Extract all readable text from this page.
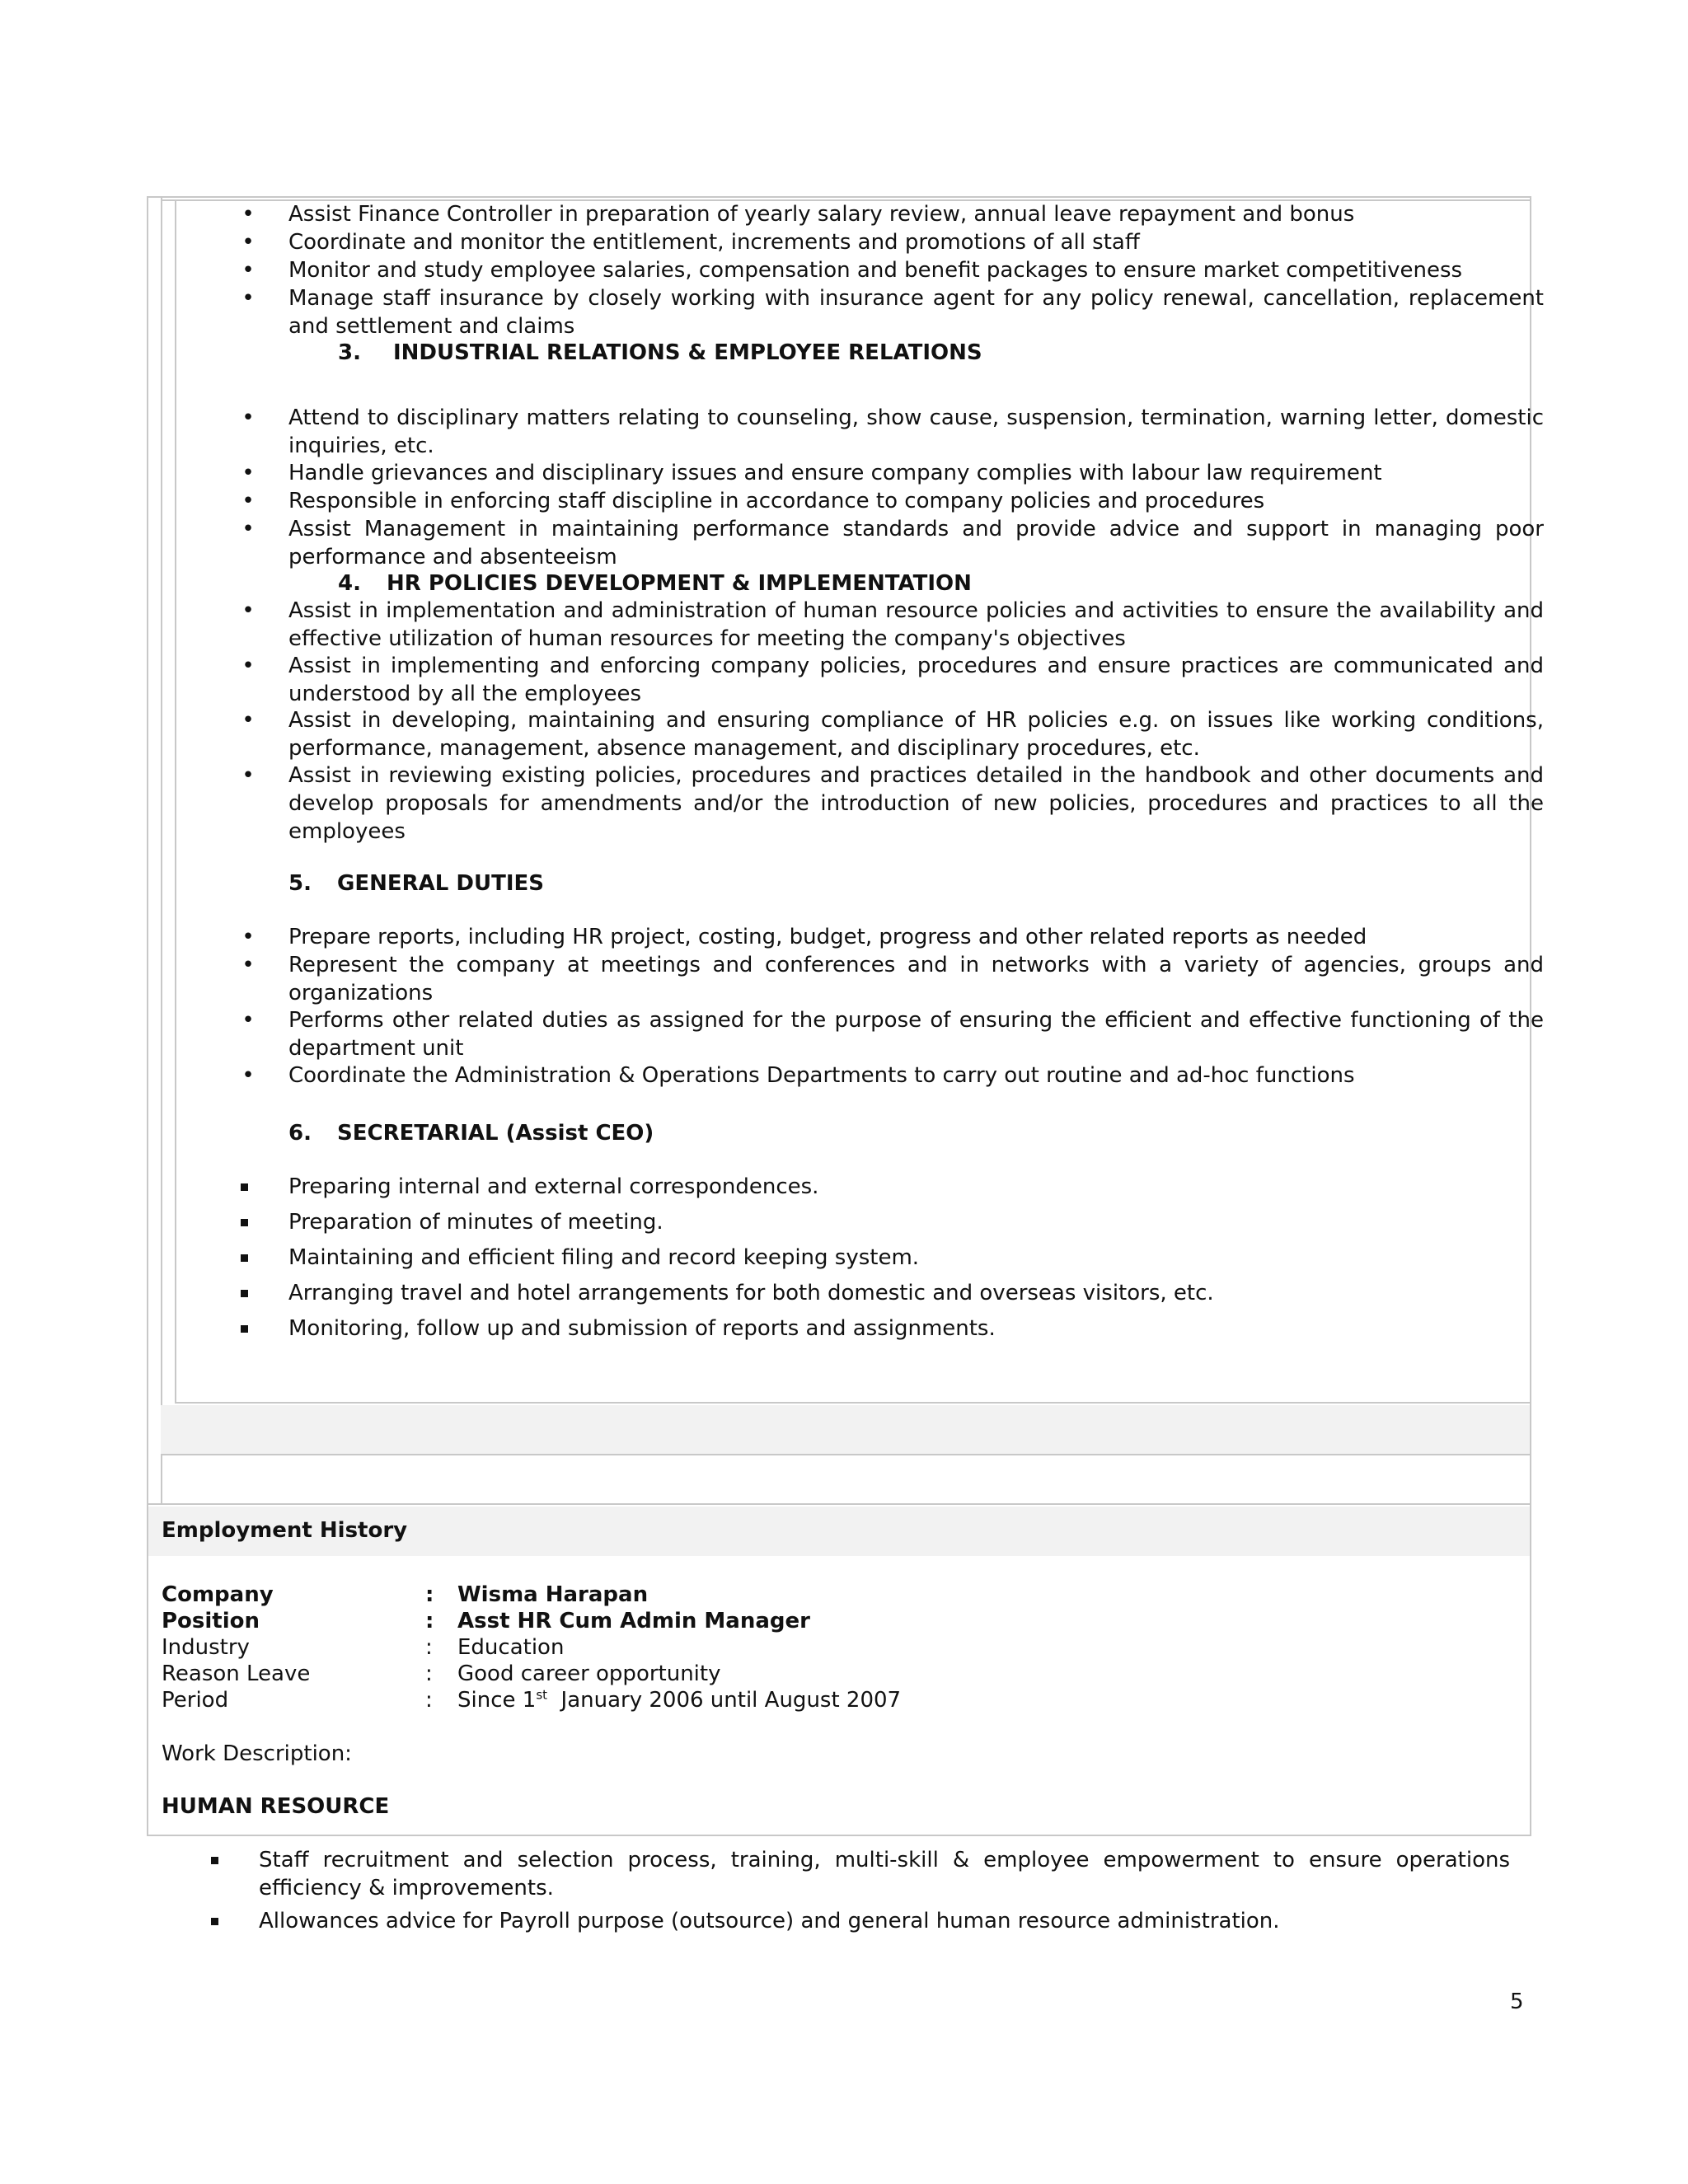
• Assist Finance Controller in preparation of yearly salary review, annual leave repayment and bonus
• Coordinate and monitor the entitlement, increments and promotions of all staff
• Monitor and study employee salaries, compensation and benefit packages to ensure market competitiveness
• Manage staff insurance by closely working with insurance agent for any policy renewal, cancellation, replacement and settlement and claims
3. INDUSTRIAL RELATIONS & EMPLOYEE RELATIONS
• Attend to disciplinary matters relating to counseling, show cause, suspension, termination, warning letter, domestic inquiries, etc.
• Handle grievances and disciplinary issues and ensure company complies with labour law requirement
• Responsible in enforcing staff discipline in accordance to company policies and procedures
• Assist Management in maintaining performance standards and provide advice and support in managing poor performance and absenteeism
4. HR POLICIES DEVELOPMENT & IMPLEMENTATION
• Assist in implementation and administration of human resource policies and activities to ensure the availability and effective utilization of human resources for meeting the company's objectives
• Assist in implementing and enforcing company policies, procedures and ensure practices are communicated and understood by all the employees
• Assist in developing, maintaining and ensuring compliance of HR policies e.g. on issues like working conditions, performance, management, absence management, and disciplinary procedures, etc.
• Assist in reviewing existing policies, procedures and practices detailed in the handbook and other documents and develop proposals for amendments and/or the introduction of new policies, procedures and practices to all the employees
5. GENERAL DUTIES
• Prepare reports, including HR project, costing, budget, progress and other related reports as needed
• Represent the company at meetings and conferences and in networks with a variety of agencies, groups and organizations
• Performs other related duties as assigned for the purpose of ensuring the efficient and effective functioning of the department unit
• Coordinate the Administration & Operations Departments to carry out routine and ad-hoc functions
6. SECRETARIAL (Assist CEO)
Preparing internal and external correspondences.
Preparation of minutes of meeting.
Maintaining and efficient filing and record keeping system.
Arranging travel and hotel arrangements for both domestic and overseas visitors, etc.
Monitoring, follow up and submission of reports and assignments.
Employment History
Company	: Wisma Harapan
Position	: Asst HR Cum Admin Manager
Industry	: Education
Reason Leave	: Good career opportunity
Period	: Since 1st  January 2006 until August 2007
Work Description:
HUMAN RESOURCE
Staff recruitment and selection process, training, multi-skill & employee empowerment to ensure operations efficiency & improvements.
Allowances advice for Payroll purpose (outsource) and general human resource administration.
5
